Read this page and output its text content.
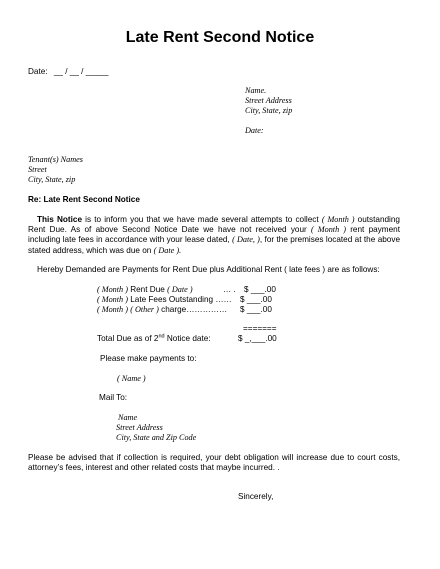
Late Rent Second Notice
Date: __ / __ / _____
Name.
Street Address
City, State, zip
Date:
Tenant(s) Names
Street
City, State, zip
Re: Late Rent Second Notice
This Notice is to inform you that we have made several attempts to collect ( Month ) outstanding Rent Due. As of above Second Notice Date we have not received your ( Month ) rent payment including late fees in accordance with your lease dated, ( Date, ), for the premises located at the above stated address, which was due on ( Date ).
Hereby Demanded are Payments for Rent Due plus Additional Rent ( late fees ) are as follows:
( Month ) Rent Due ( Date )	… . $ ___.00
( Month ) Late Fees Outstanding …… $ ___.00
( Month ) ( Other ) charge…………… $ ___.00
=======
Total Due as of 2nd Notice date:	$ _,___.00
Please make payments to:
( Name )
Mail To:
Name
Street Address
City, State and Zip Code
Please be advised that if collection is required, your debt obligation will increase due to court costs, attorney’s fees, interest and other related costs that maybe incurred. .
Sincerely,
